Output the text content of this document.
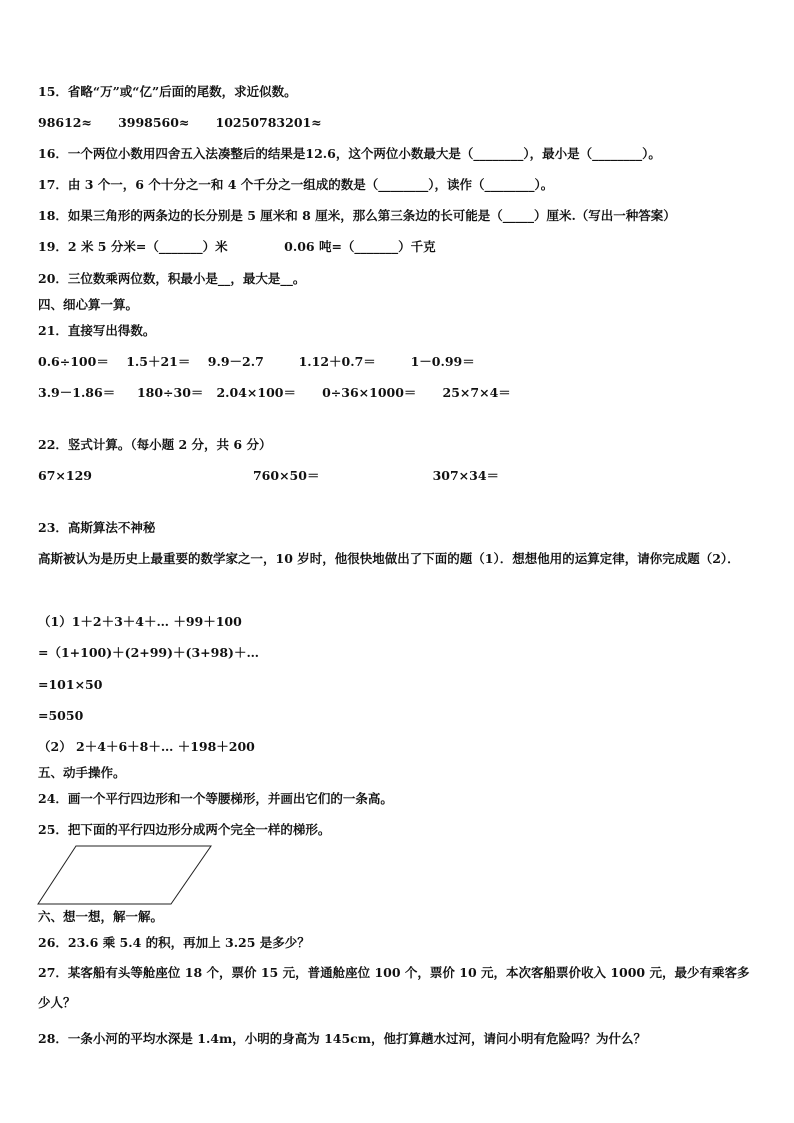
15．省略“万”或“亿”后面的尾数，求近似数。
98612≈      3998560≈      10250783201≈
16．一个两位小数用四舍五入法凑整后的结果是12.6，这个两位小数最大是（________），最小是（________）。
17．由 3 个一，6 个十分之一和 4 个千分之一组成的数是（________），读作（________）。
18．如果三角形的两条边的长分别是 5 厘米和 8 厘米，那么第三条边的长可能是（_____）厘米.（写出一种答案）
19．2 米 5 分米=（_______）米             0.06 吨=（_______）千克
20．三位数乘两位数，积最小是__，最大是__。
四、细心算一算。
21．直接写出得数。
0.6÷100＝    1.5＋21＝    9.9－2.7        1.12＋0.7＝        1－0.99＝
3.9－1.86＝     180÷30＝   2.04×100＝      0÷36×1000＝      25×7×4＝
22．竖式计算。（每小题 2 分，共 6 分）
67×129                                     760×50＝                          307×34＝
23．高斯算法不神秘
高斯被认为是历史上最重要的数学家之一，10 岁时，他很快地做出了下面的题（1）．想想他用的运算定律，请你完成题（2）．
（1）1＋2＋3＋4＋… ＋99＋100
=（1+100)＋(2+99)＋(3+98)＋…
=101×50
=5050
（2） 2＋4＋6＋8＋… ＋198＋200
五、动手操作。
24．画一个平行四边形和一个等腰梯形，并画出它们的一条高。
25．把下面的平行四边形分成两个完全一样的梯形。
六、想一想，解一解。
26．23.6 乘 5.4 的积，再加上 3.25 是多少？
27．某客船有头等舱座位 18 个，票价 15 元，普通舱座位 100 个，票价 10 元，本次客船票价收入 1000 元，最少有乘客多少人？
28．一条小河的平均水深是 1.4m，小明的身高为 145cm，他打算趟水过河，请问小明有危险吗？为什么？
